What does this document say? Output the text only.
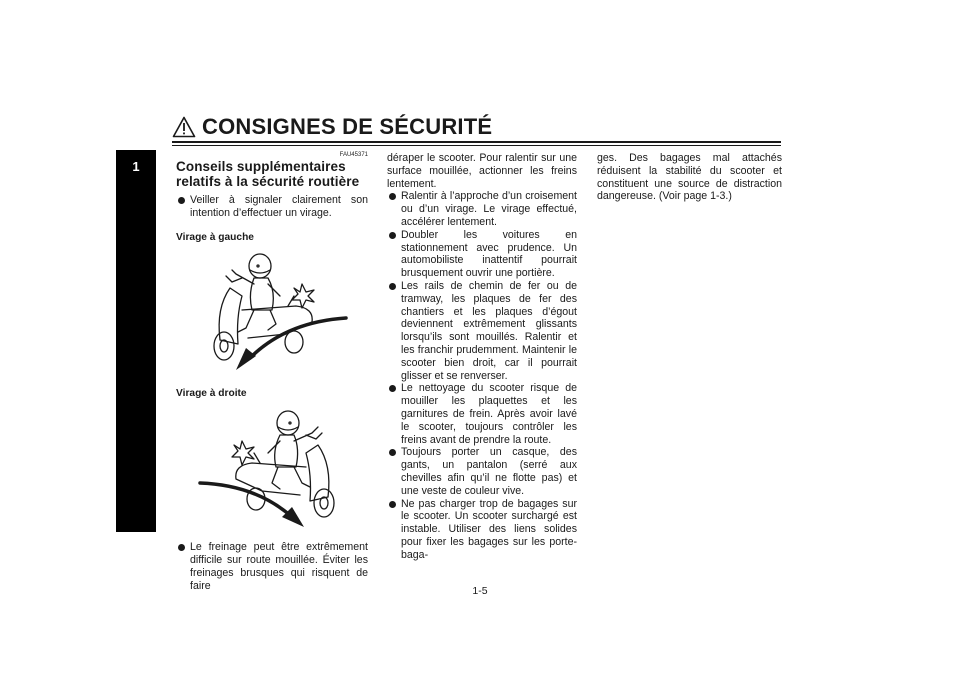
CONSIGNES DE SÉCURITÉ
1
FAU45371
Conseils supplémentaires relatifs à la sécurité routière
Veiller à signaler clairement son intention d’effectuer un virage.
Virage à gauche
Virage à droite
Le freinage peut être extrêmement difficile sur route mouillée. Éviter les freinages brusques qui risquent de faire
déraper le scooter. Pour ralentir sur une surface mouillée, actionner les freins lentement.
Ralentir à l’approche d’un croisement ou d’un virage. Le virage effectué, accélérer lentement.
Doubler les voitures en stationnement avec prudence. Un automobiliste inattentif pourrait brusquement ouvrir une portière.
Les rails de chemin de fer ou de tramway, les plaques de fer des chantiers et les plaques d’égout deviennent extrêmement glissants lorsqu’ils sont mouillés. Ralentir et les franchir prudemment. Maintenir le scooter bien droit, car il pourrait glisser et se renverser.
Le nettoyage du scooter risque de mouiller les plaquettes et les garnitures de frein. Après avoir lavé le scooter, toujours contrôler les freins avant de prendre la route.
Toujours porter un casque, des gants, un pantalon (serré aux chevilles afin qu’il ne flotte pas) et une veste de couleur vive.
Ne pas charger trop de bagages sur le scooter. Un scooter surchargé est instable. Utiliser des liens solides pour fixer les bagages sur les porte-baga-
ges. Des bagages mal attachés réduisent la stabilité du scooter et constituent une source de distraction dangereuse. (Voir page 1-3.)
1-5
